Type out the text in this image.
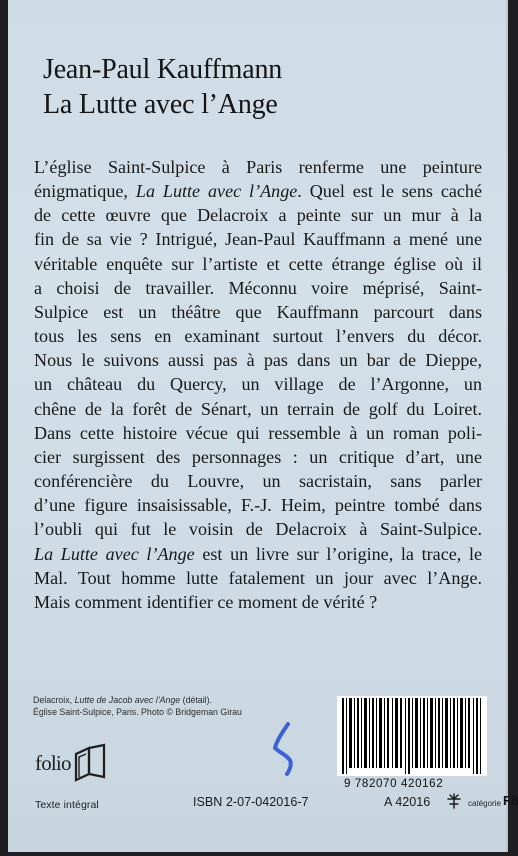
Jean-Paul Kauffmann
La Lutte avec l’Ange
L’église Saint-Sulpice à Paris renferme une peinture
énigmatique, La Lutte avec l’Ange. Quel est le sens caché
de cette œuvre que Delacroix a peinte sur un mur à la
fin de sa vie ? Intrigué, Jean-Paul Kauffmann a mené une
véritable enquête sur l’artiste et cette étrange église où il
a choisi de travailler. Méconnu voire méprisé, Saint-
Sulpice est un théâtre que Kauffmann parcourt dans
tous les sens en examinant surtout l’envers du décor.
Nous le suivons aussi pas à pas dans un bar de Dieppe,
un château du Quercy, un village de l’Argonne, un
chêne de la forêt de Sénart, un terrain de golf du Loiret.
Dans cette histoire vécue qui ressemble à un roman poli-
cier surgissent des personnages : un critique d’art, une
conférencière du Louvre, un sacristain, sans parler
d’une figure insaisissable, F.-J. Heim, peintre tombé dans
l’oubli qui fut le voisin de Delacroix à Saint-Sulpice.
La Lutte avec l’Ange est un livre sur l’origine, la trace, le
Mal. Tout homme lutte fatalement un jour avec l’Ange.
Mais comment identifier ce moment de vérité ?
Delacroix, Lutte de Jacob avec l’Ange (détail).
Église Saint-Sulpice, Paris. Photo © Bridgeman Girau
folio
Texte intégral
9 782070 420162
ISBN 2-07-042016-7	A 42016	catégorie F8
